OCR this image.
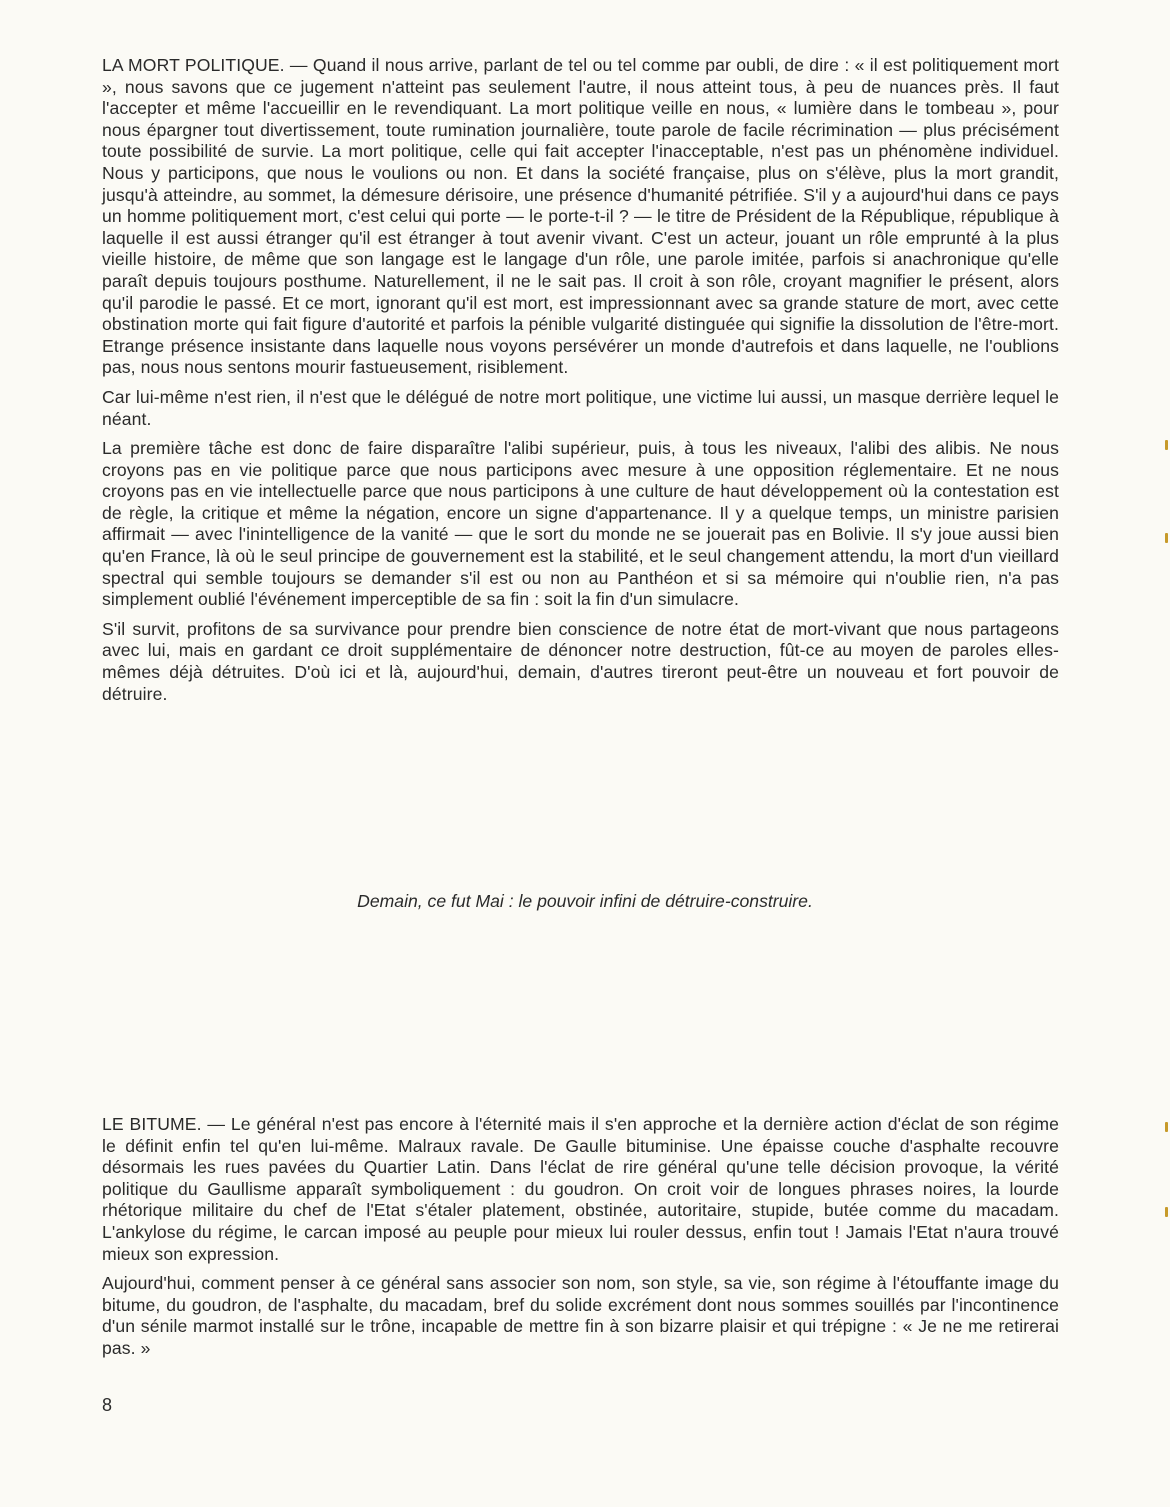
LA MORT POLITIQUE. — Quand il nous arrive, parlant de tel ou tel comme par oubli, de dire : « il est politiquement mort », nous savons que ce jugement n'atteint pas seulement l'autre, il nous atteint tous, à peu de nuances près. Il faut l'accepter et même l'accueillir en le revendiquant. La mort politique veille en nous, « lumière dans le tombeau », pour nous épargner tout divertissement, toute rumination journalière, toute parole de facile récrimination — plus précisément toute possibilité de survie. La mort politique, celle qui fait accepter l'inacceptable, n'est pas un phénomène individuel. Nous y participons, que nous le voulions ou non. Et dans la société française, plus on s'élève, plus la mort grandit, jusqu'à atteindre, au sommet, la démesure dérisoire, une présence d'humanité pétrifiée. S'il y a aujourd'hui dans ce pays un homme politiquement mort, c'est celui qui porte — le porte-t-il ? — le titre de Président de la République, république à laquelle il est aussi étranger qu'il est étranger à tout avenir vivant. C'est un acteur, jouant un rôle emprunté à la plus vieille histoire, de même que son langage est le langage d'un rôle, une parole imitée, parfois si anachronique qu'elle paraît depuis toujours posthume. Naturellement, il ne le sait pas. Il croit à son rôle, croyant magnifier le présent, alors qu'il parodie le passé. Et ce mort, ignorant qu'il est mort, est impressionnant avec sa grande stature de mort, avec cette obstination morte qui fait figure d'autorité et parfois la pénible vulgarité distinguée qui signifie la dissolution de l'être-mort. Etrange présence insistante dans laquelle nous voyons persévérer un monde d'autrefois et dans laquelle, ne l'oublions pas, nous nous sentons mourir fastueusement, risiblement.

Car lui-même n'est rien, il n'est que le délégué de notre mort politique, une victime lui aussi, un masque derrière lequel le néant.

La première tâche est donc de faire disparaître l'alibi supérieur, puis, à tous les niveaux, l'alibi des alibis. Ne nous croyons pas en vie politique parce que nous participons avec mesure à une opposition réglementaire. Et ne nous croyons pas en vie intellectuelle parce que nous participons à une culture de haut développement où la contestation est de règle, la critique et même la négation, encore un signe d'appartenance. Il y a quelque temps, un ministre parisien affirmait — avec l'inintelligence de la vanité — que le sort du monde ne se jouerait pas en Bolivie. Il s'y joue aussi bien qu'en France, là où le seul principe de gouvernement est la stabilité, et le seul changement attendu, la mort d'un vieillard spectral qui semble toujours se demander s'il est ou non au Panthéon et si sa mémoire qui n'oublie rien, n'a pas simplement oublié l'événement imperceptible de sa fin : soit la fin d'un simulacre.

S'il survit, profitons de sa survivance pour prendre bien conscience de notre état de mort-vivant que nous partageons avec lui, mais en gardant ce droit supplémentaire de dénoncer notre destruction, fût-ce au moyen de paroles elles-mêmes déjà détruites. D'où ici et là, aujourd'hui, demain, d'autres tireront peut-être un nouveau et fort pouvoir de détruire.

Demain, ce fut Mai : le pouvoir infini de détruire-construire.

LE BITUME. — Le général n'est pas encore à l'éternité mais il s'en approche et la dernière action d'éclat de son régime le définit enfin tel qu'en lui-même. Malraux ravale. De Gaulle bituminise. Une épaisse couche d'asphalte recouvre désormais les rues pavées du Quartier Latin. Dans l'éclat de rire général qu'une telle décision provoque, la vérité politique du Gaullisme apparaît symboliquement : du goudron. On croit voir de longues phrases noires, la lourde rhétorique militaire du chef de l'Etat s'étaler platement, obstinée, autoritaire, stupide, butée comme du macadam. L'ankylose du régime, le carcan imposé au peuple pour mieux lui rouler dessus, enfin tout ! Jamais l'Etat n'aura trouvé mieux son expression.

Aujourd'hui, comment penser à ce général sans associer son nom, son style, sa vie, son régime à l'étouffante image du bitume, du goudron, de l'asphalte, du macadam, bref du solide excrément dont nous sommes souillés par l'incontinence d'un sénile marmot installé sur le trône, incapable de mettre fin à son bizarre plaisir et qui trépigne : « Je ne me retirerai pas. »

8
